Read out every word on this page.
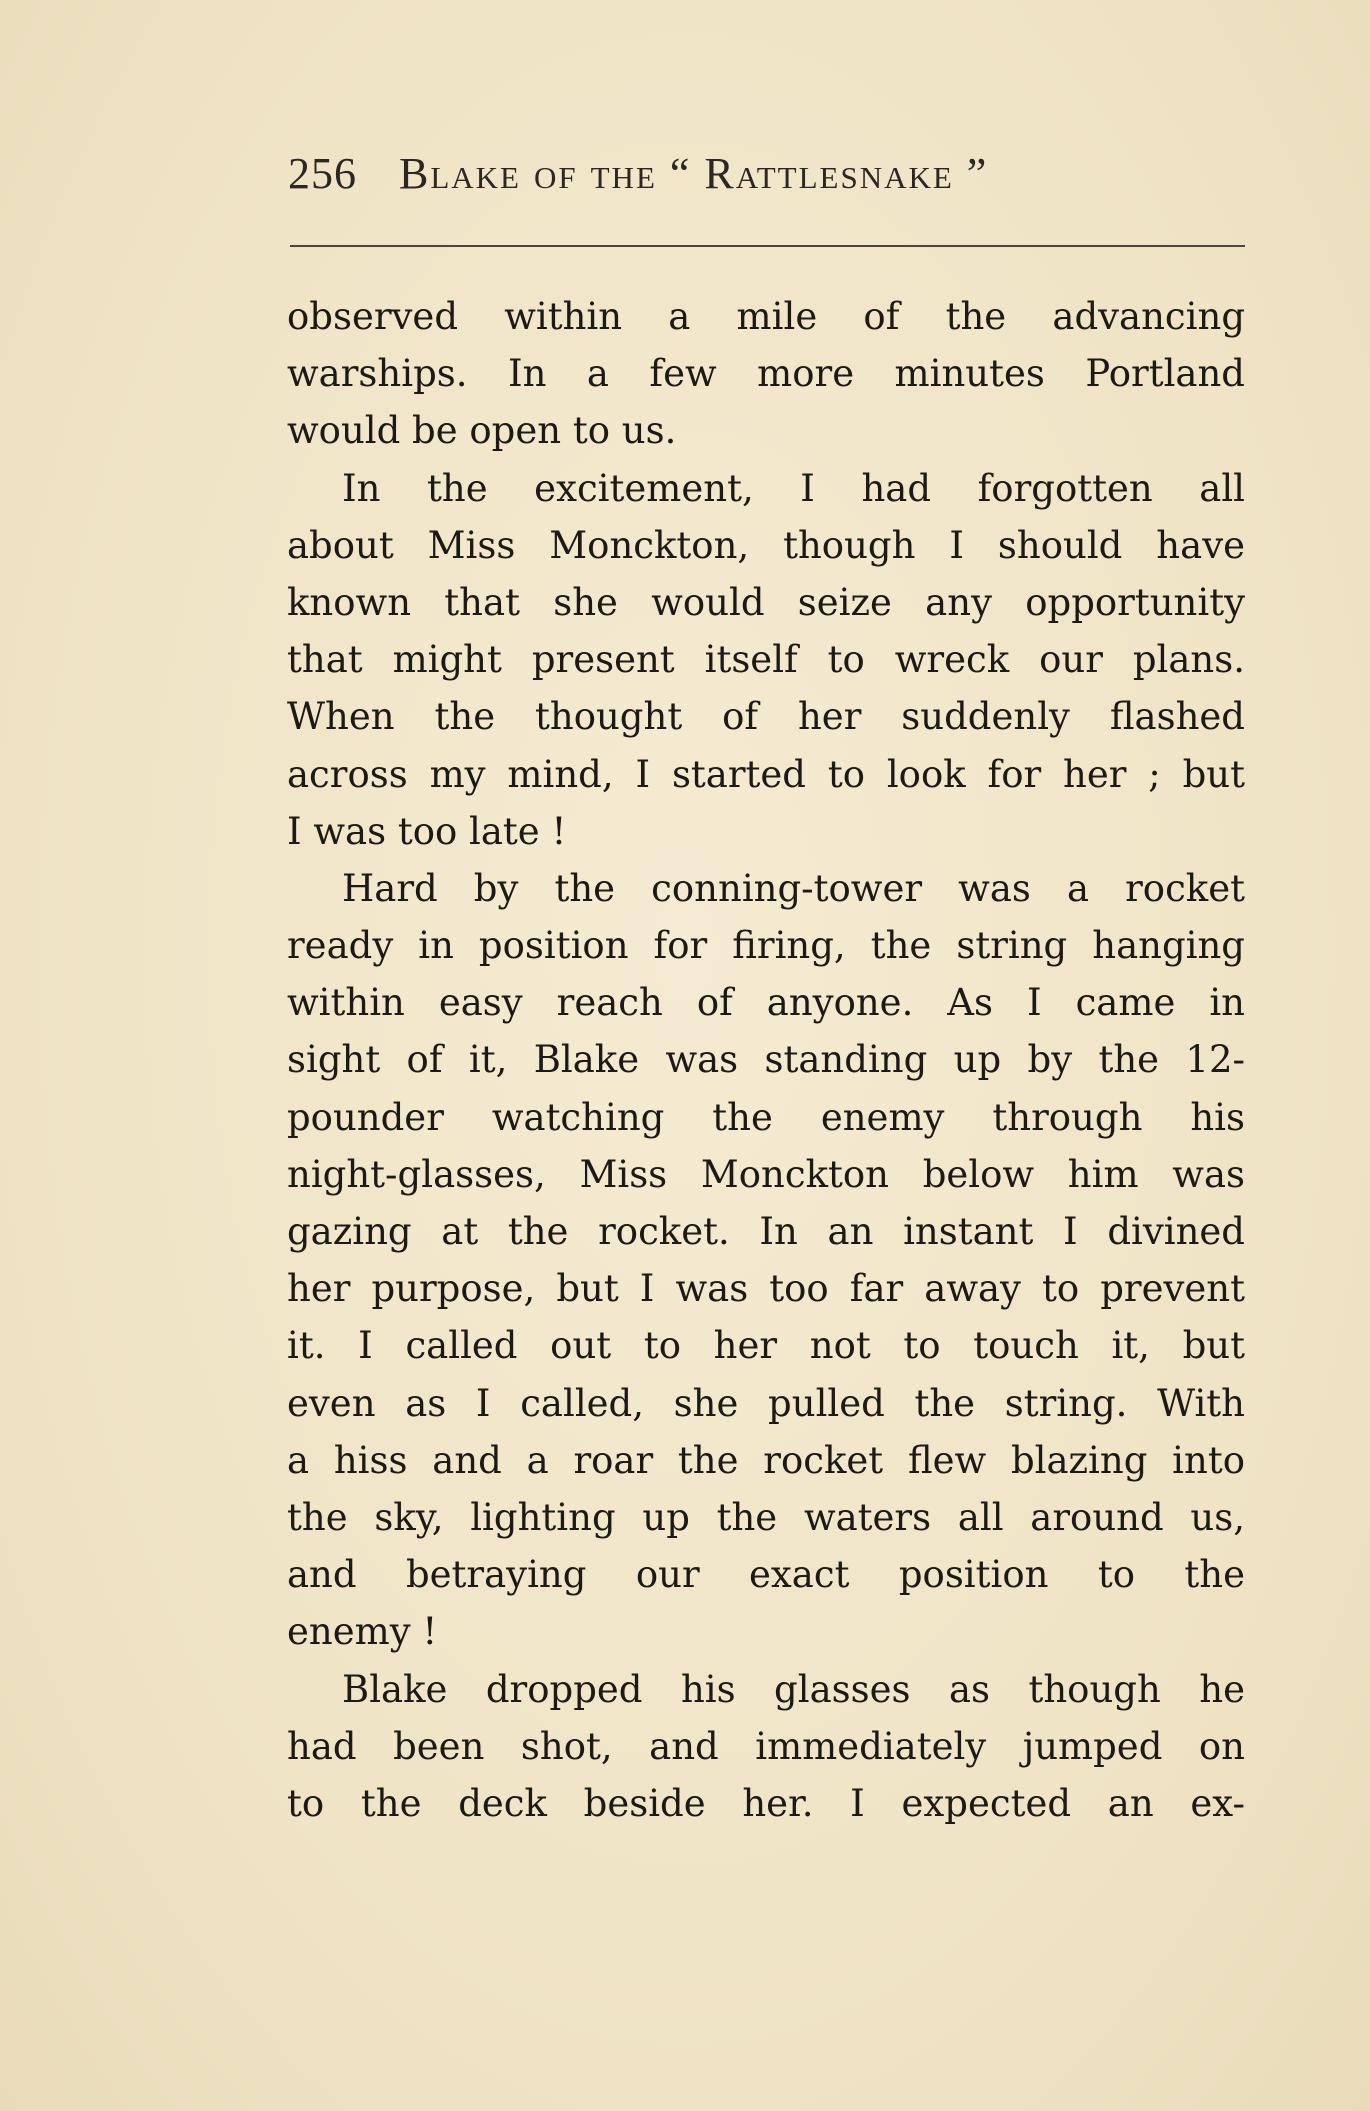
256 Blake of the “ Rattlesnake ”
observed within a mile of the advancing
warships. In a few more minutes Portland
would be open to us.
In the excitement, I had forgotten all
about Miss Monckton, though I should have
known that she would seize any opportunity
that might present itself to wreck our plans.
When the thought of her suddenly flashed
across my mind, I started to look for her ; but
I was too late !
Hard by the conning-tower was a rocket
ready in position for firing, the string hanging
within easy reach of anyone. As I came in
sight of it, Blake was standing up by the 12-
pounder watching the enemy through his
night-glasses, Miss Monckton below him was
gazing at the rocket. In an instant I divined
her purpose, but I was too far away to prevent
it. I called out to her not to touch it, but
even as I called, she pulled the string. With
a hiss and a roar the rocket flew blazing into
the sky, lighting up the waters all around us,
and betraying our exact position to the
enemy !
Blake dropped his glasses as though he
had been shot, and immediately jumped on
to the deck beside her. I expected an ex-
